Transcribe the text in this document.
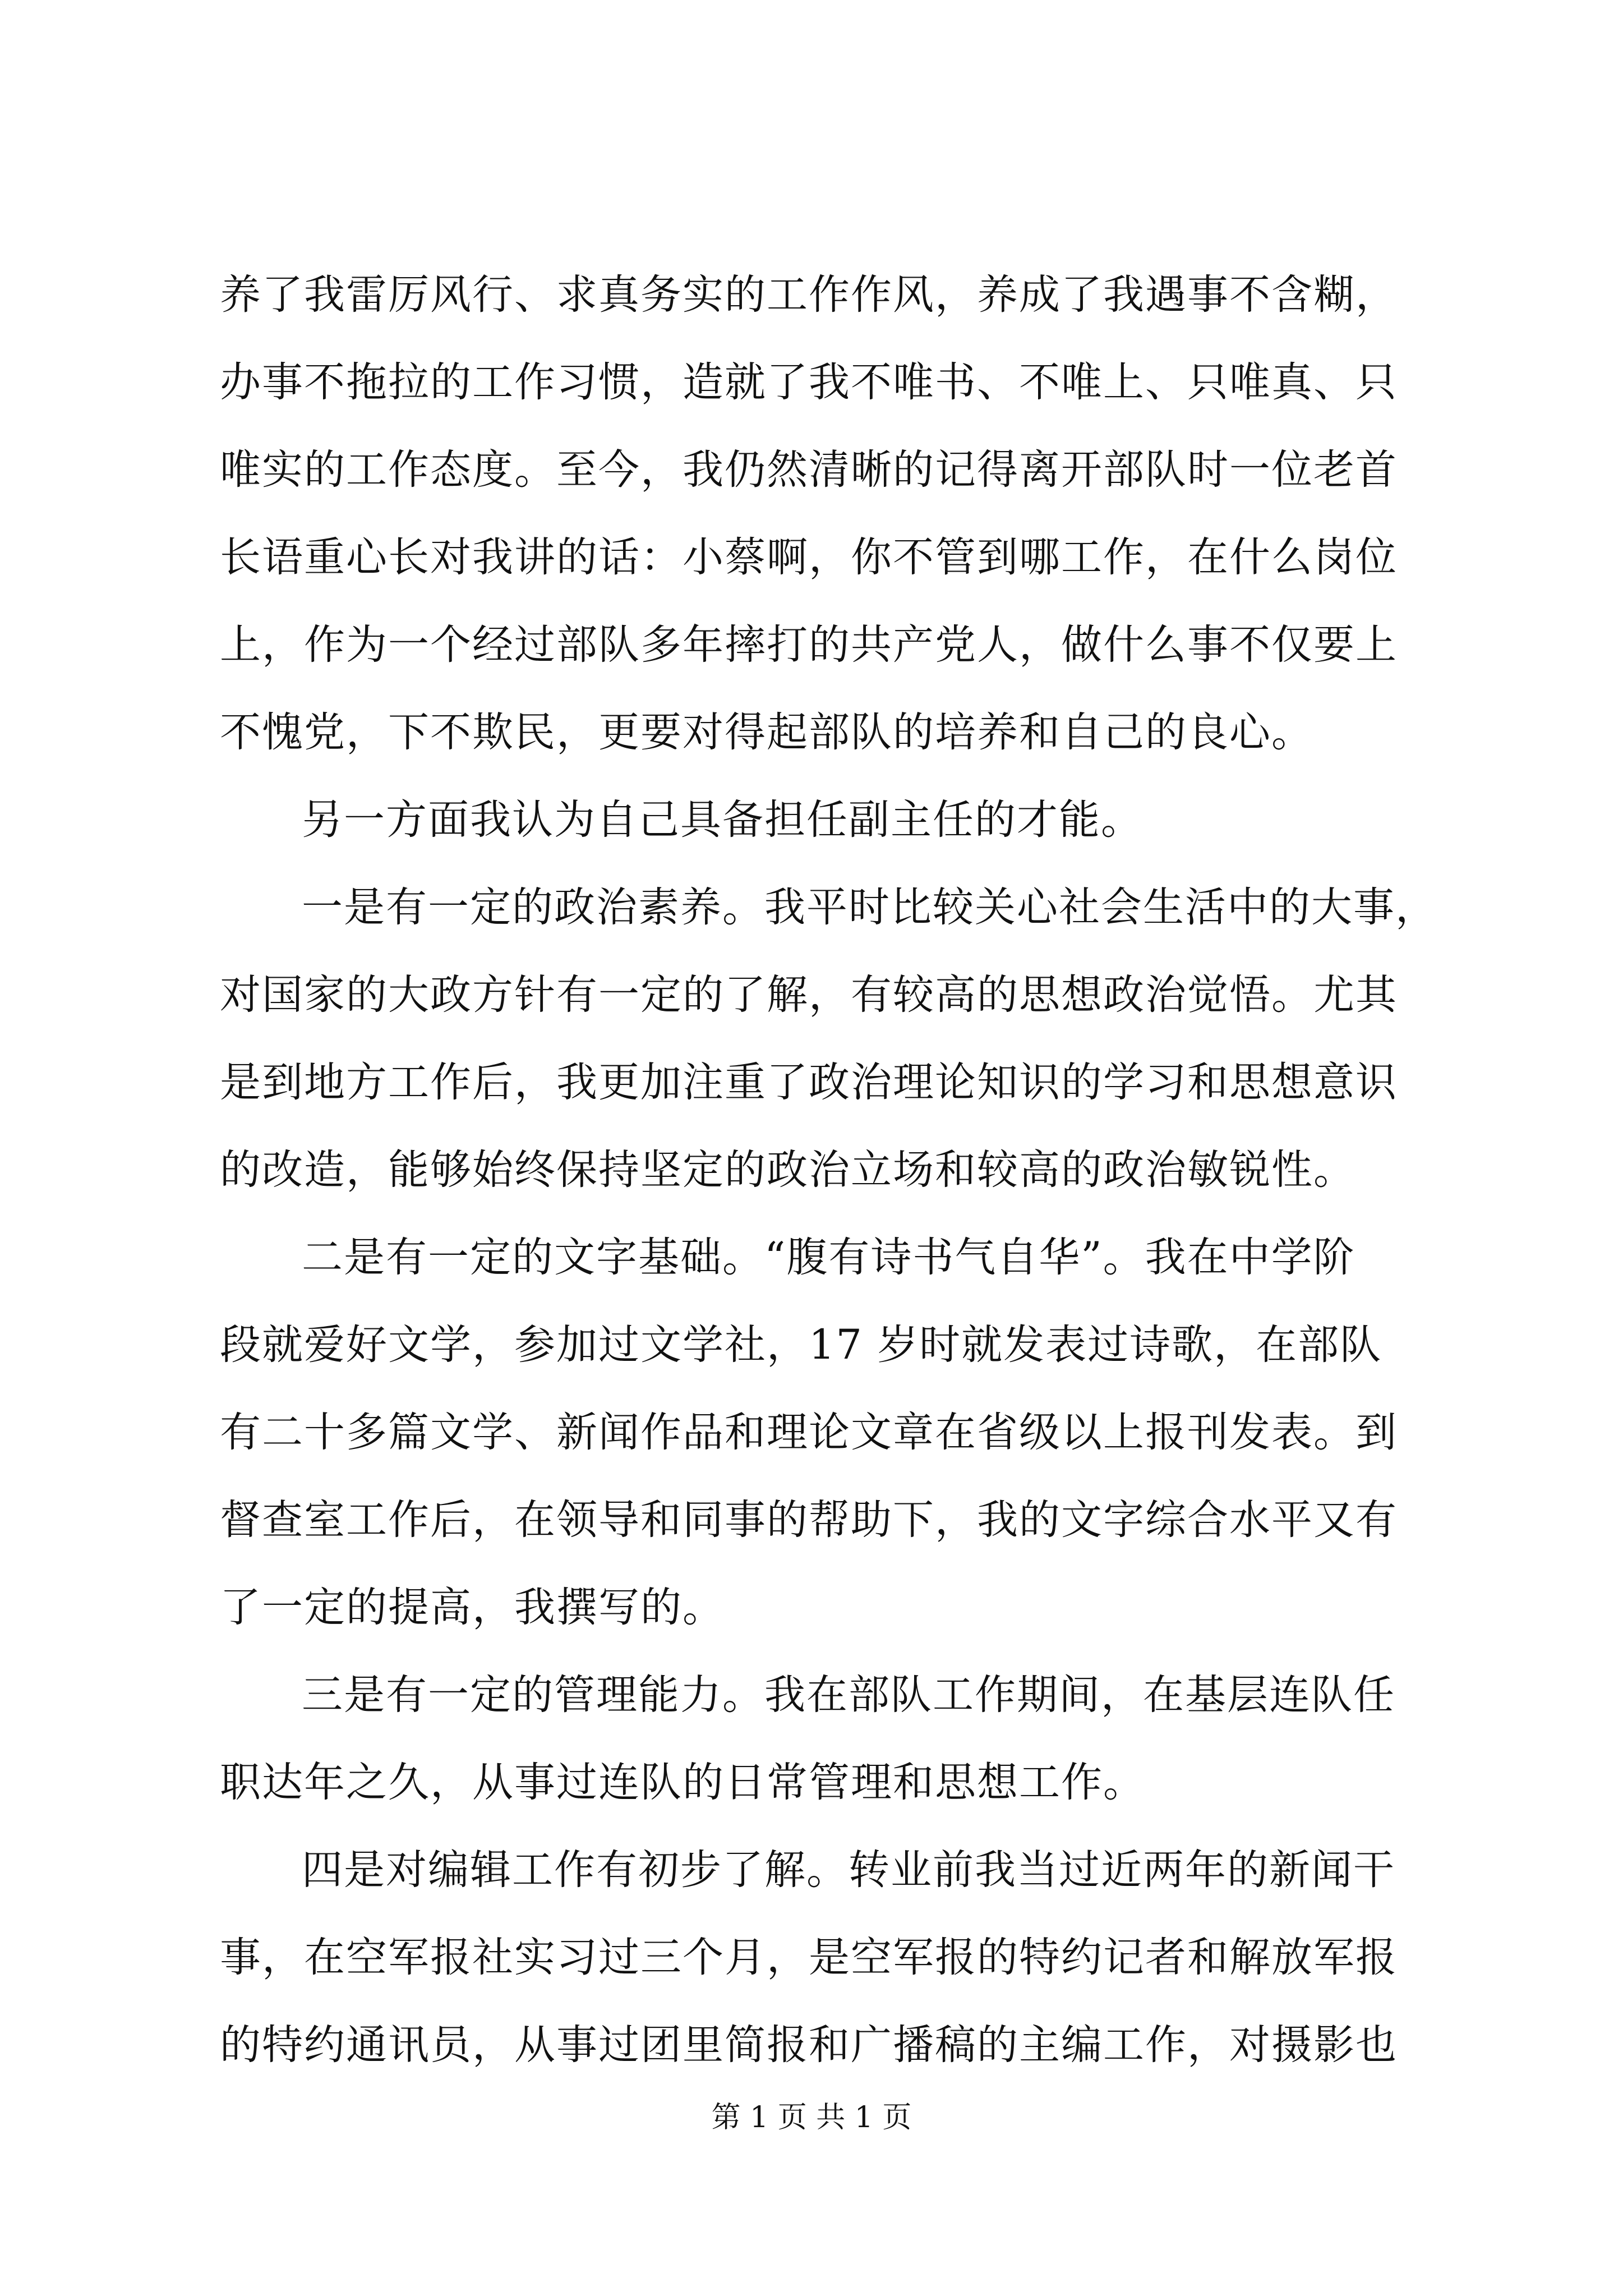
养了我雷厉风行、求真务实的工作作风，养成了我遇事不含糊，
办事不拖拉的工作习惯，造就了我不唯书、不唯上、只唯真、只
唯实的工作态度。至今，我仍然清晰的记得离开部队时一位老首
长语重心长对我讲的话：小蔡啊，你不管到哪工作，在什么岗位
上，作为一个经过部队多年摔打的共产党人，做什么事不仅要上
不愧党，下不欺民，更要对得起部队的培养和自己的良心。
另一方面我认为自己具备担任副主任的才能。
一是有一定的政治素养。我平时比较关心社会生活中的大事，
对国家的大政方针有一定的了解，有较高的思想政治觉悟。尤其
是到地方工作后，我更加注重了政治理论知识的学习和思想意识
的改造，能够始终保持坚定的政治立场和较高的政治敏锐性。
二是有一定的文字基础。“腹有诗书气自华”。我在中学阶
段就爱好文学，参加过文学社，17 岁时就发表过诗歌，在部队
有二十多篇文学、新闻作品和理论文章在省级以上报刊发表。到
督查室工作后，在领导和同事的帮助下，我的文字综合水平又有
了一定的提高，我撰写的。
三是有一定的管理能力。我在部队工作期间，在基层连队任
职达年之久，从事过连队的日常管理和思想工作。
四是对编辑工作有初步了解。转业前我当过近两年的新闻干
事，在空军报社实习过三个月，是空军报的特约记者和解放军报
的特约通讯员，从事过团里简报和广播稿的主编工作，对摄影也
第 1 页 共 1 页
